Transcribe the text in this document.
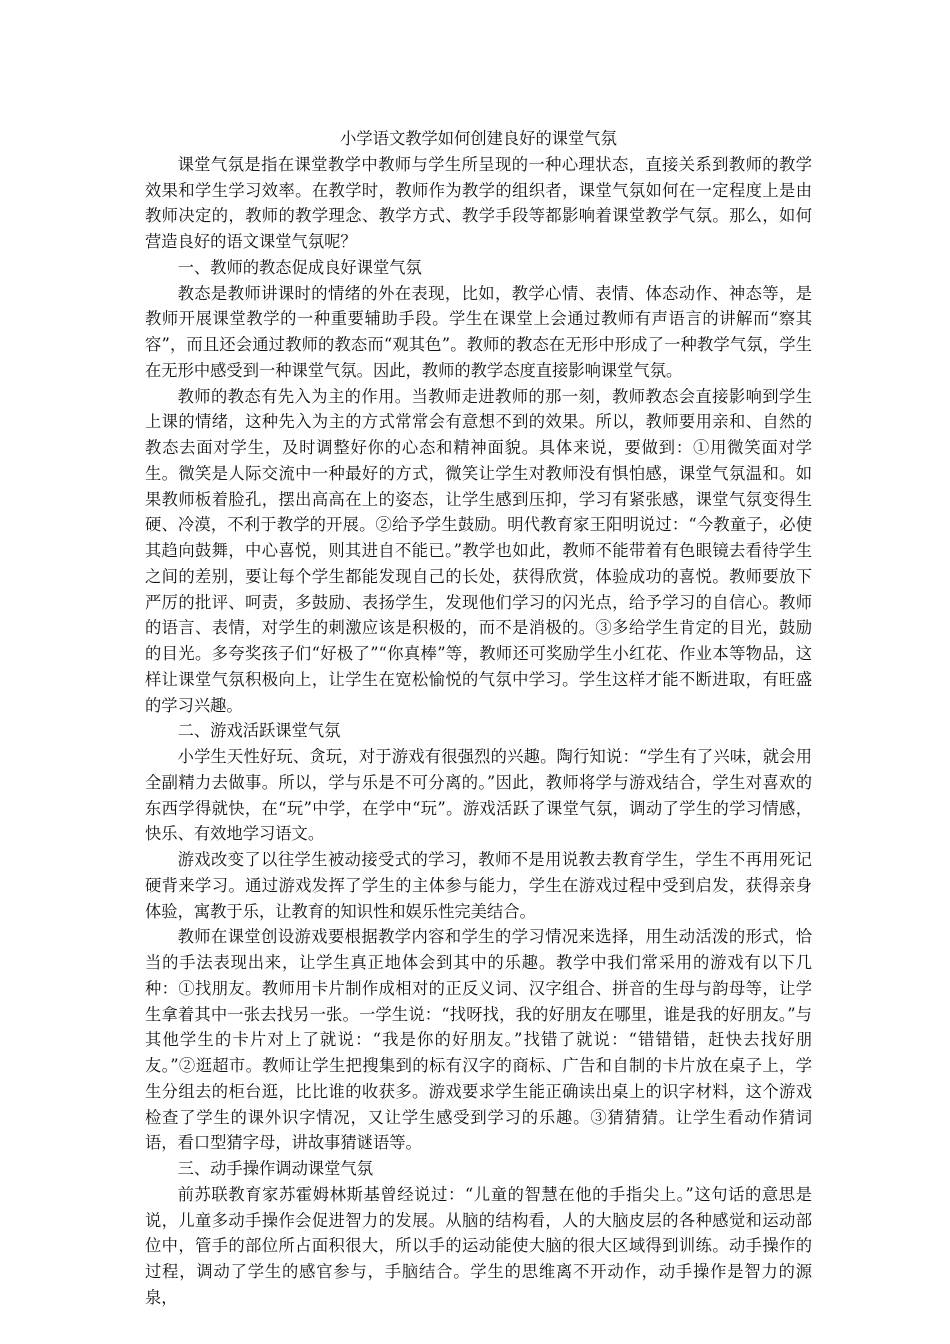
小学语文教学如何创建良好的课堂气氛

课堂气氛是指在课堂教学中教师与学生所呈现的一种心理状态，直接关系到教师的教学效果和学生学习效率。在教学时，教师作为教学的组织者，课堂气氛如何在一定程度上是由教师决定的，教师的教学理念、教学方式、教学手段等都影响着课堂教学气氛。那么，如何营造良好的语文课堂气氛呢？

一、教师的教态促成良好课堂气氛

教态是教师讲课时的情绪的外在表现，比如，教学心情、表情、体态动作、神态等，是教师开展课堂教学的一种重要辅助手段。学生在课堂上会通过教师有声语言的讲解而“察其容”，而且还会通过教师的教态而“观其色”。教师的教态在无形中形成了一种教学气氛，学生在无形中感受到一种课堂气氛。因此，教师的教学态度直接影响课堂气氛。

教师的教态有先入为主的作用。当教师走进教师的那一刻，教师教态会直接影响到学生上课的情绪，这种先入为主的方式常常会有意想不到的效果。所以，教师要用亲和、自然的教态去面对学生，及时调整好你的心态和精神面貌。具体来说，要做到：①用微笑面对学生。微笑是人际交流中一种最好的方式，微笑让学生对教师没有惧怕感，课堂气氛温和。如果教师板着脸孔，摆出高高在上的姿态，让学生感到压抑，学习有紧张感，课堂气氛变得生硬、冷漠，不利于教学的开展。②给予学生鼓励。明代教育家王阳明说过：“今教童子，必使其趋向鼓舞，中心喜悦，则其进自不能已。”教学也如此，教师不能带着有色眼镜去看待学生之间的差别，要让每个学生都能发现自己的长处，获得欣赏，体验成功的喜悦。教师要放下严厉的批评、呵责，多鼓励、表扬学生，发现他们学习的闪光点，给予学习的自信心。教师的语言、表情，对学生的刺激应该是积极的，而不是消极的。③多给学生肯定的目光，鼓励的目光。多夸奖孩子们“好极了”“你真棒”等，教师还可奖励学生小红花、作业本等物品，这样让课堂气氛积极向上，让学生在宽松愉悦的气氛中学习。学生这样才能不断进取，有旺盛的学习兴趣。

二、游戏活跃课堂气氛

小学生天性好玩、贪玩，对于游戏有很强烈的兴趣。陶行知说：“学生有了兴味，就会用全副精力去做事。所以，学与乐是不可分离的。”因此，教师将学与游戏结合，学生对喜欢的东西学得就快，在“玩”中学，在学中“玩”。游戏活跃了课堂气氛，调动了学生的学习情感，快乐、有效地学习语文。

游戏改变了以往学生被动接受式的学习，教师不是用说教去教育学生，学生不再用死记硬背来学习。通过游戏发挥了学生的主体参与能力，学生在游戏过程中受到启发，获得亲身体验，寓教于乐，让教育的知识性和娱乐性完美结合。

教师在课堂创设游戏要根据教学内容和学生的学习情况来选择，用生动活泼的形式，恰当的手法表现出来，让学生真正地体会到其中的乐趣。教学中我们常采用的游戏有以下几种：①找朋友。教师用卡片制作成相对的正反义词、汉字组合、拼音的生母与韵母等，让学生拿着其中一张去找另一张。一学生说：“找呀找，我的好朋友在哪里，谁是我的好朋友。”与其他学生的卡片对上了就说：“我是你的好朋友。”找错了就说：“错错错，赶快去找好朋友。”②逛超市。教师让学生把搜集到的标有汉字的商标、广告和自制的卡片放在桌子上，学生分组去的柜台逛，比比谁的收获多。游戏要求学生能正确读出桌上的识字材料，这个游戏检查了学生的课外识字情况，又让学生感受到学习的乐趣。③猜猜猜。让学生看动作猜词语，看口型猜字母，讲故事猜谜语等。

三、动手操作调动课堂气氛

前苏联教育家苏霍姆林斯基曾经说过：“儿童的智慧在他的手指尖上。”这句话的意思是说，儿童多动手操作会促进智力的发展。从脑的结构看，人的大脑皮层的各种感觉和运动部位中，管手的部位所占面积很大，所以手的运动能使大脑的很大区域得到训练。动手操作的过程，调动了学生的感官参与，手脑结合。学生的思维离不开动作，动手操作是智力的源泉，
